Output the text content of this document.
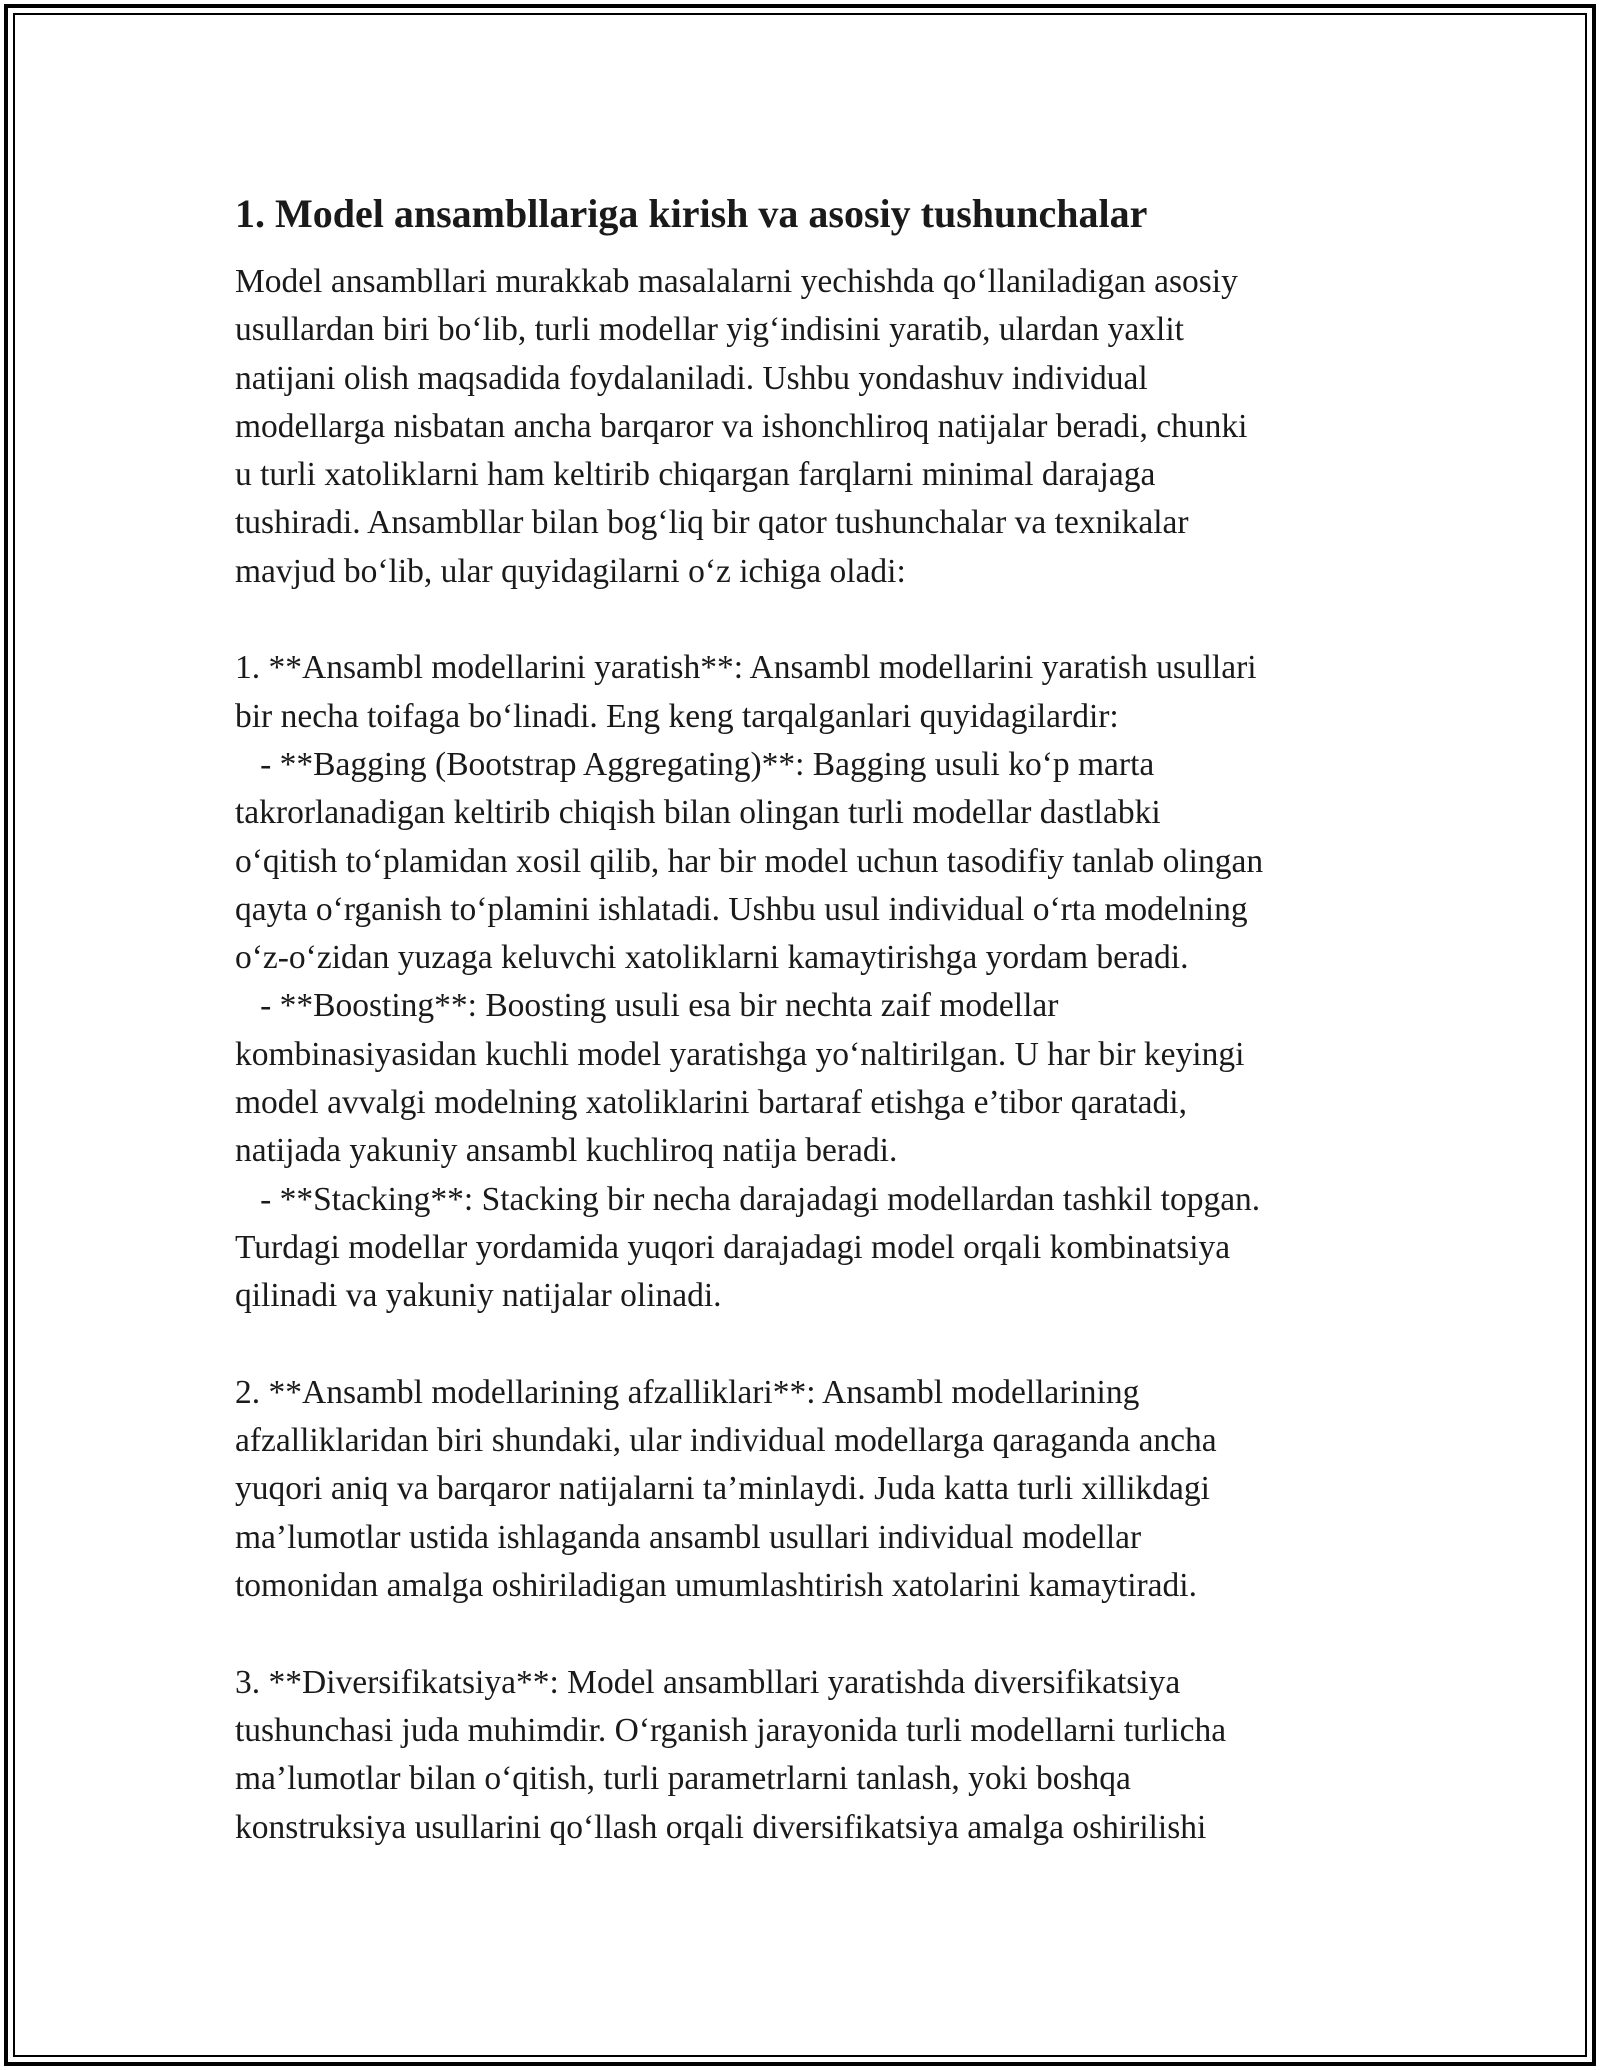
1. Model ansambllariga kirish va asosiy tushunchalar
Model ansambllari murakkab masalalarni yechishda qo‘llaniladigan asosiy
usullardan biri bo‘lib, turli modellar yig‘indisini yaratib, ulardan yaxlit
natijani olish maqsadida foydalaniladi. Ushbu yondashuv individual
modellarga nisbatan ancha barqaror va ishonchliroq natijalar beradi, chunki
u turli xatoliklarni ham keltirib chiqargan farqlarni minimal darajaga
tushiradi. Ansambllar bilan bog‘liq bir qator tushunchalar va texnikalar
mavjud bo‘lib, ular quyidagilarni o‘z ichiga oladi:
1. **Ansambl modellarini yaratish**: Ansambl modellarini yaratish usullari
bir necha toifaga bo‘linadi. Eng keng tarqalganlari quyidagilardir:
- **Bagging (Bootstrap Aggregating)**: Bagging usuli ko‘p marta
takrorlanadigan keltirib chiqish bilan olingan turli modellar dastlabki
o‘qitish to‘plamidan xosil qilib, har bir model uchun tasodifiy tanlab olingan
qayta o‘rganish to‘plamini ishlatadi. Ushbu usul individual o‘rta modelning
o‘z-o‘zidan yuzaga keluvchi xatoliklarni kamaytirishga yordam beradi.
- **Boosting**: Boosting usuli esa bir nechta zaif modellar
kombinasiyasidan kuchli model yaratishga yo‘naltirilgan. U har bir keyingi
model avvalgi modelning xatoliklarini bartaraf etishga e’tibor qaratadi,
natijada yakuniy ansambl kuchliroq natija beradi.
- **Stacking**: Stacking bir necha darajadagi modellardan tashkil topgan.
Turdagi modellar yordamida yuqori darajadagi model orqali kombinatsiya
qilinadi va yakuniy natijalar olinadi.
2. **Ansambl modellarining afzalliklari**: Ansambl modellarining
afzalliklaridan biri shundaki, ular individual modellarga qaraganda ancha
yuqori aniq va barqaror natijalarni ta’minlaydi. Juda katta turli xillikdagi
ma’lumotlar ustida ishlaganda ansambl usullari individual modellar
tomonidan amalga oshiriladigan umumlashtirish xatolarini kamaytiradi.
3. **Diversifikatsiya**: Model ansambllari yaratishda diversifikatsiya
tushunchasi juda muhimdir. O‘rganish jarayonida turli modellarni turlicha
ma’lumotlar bilan o‘qitish, turli parametrlarni tanlash, yoki boshqa
konstruksiya usullarini qo‘llash orqali diversifikatsiya amalga oshirilishi
